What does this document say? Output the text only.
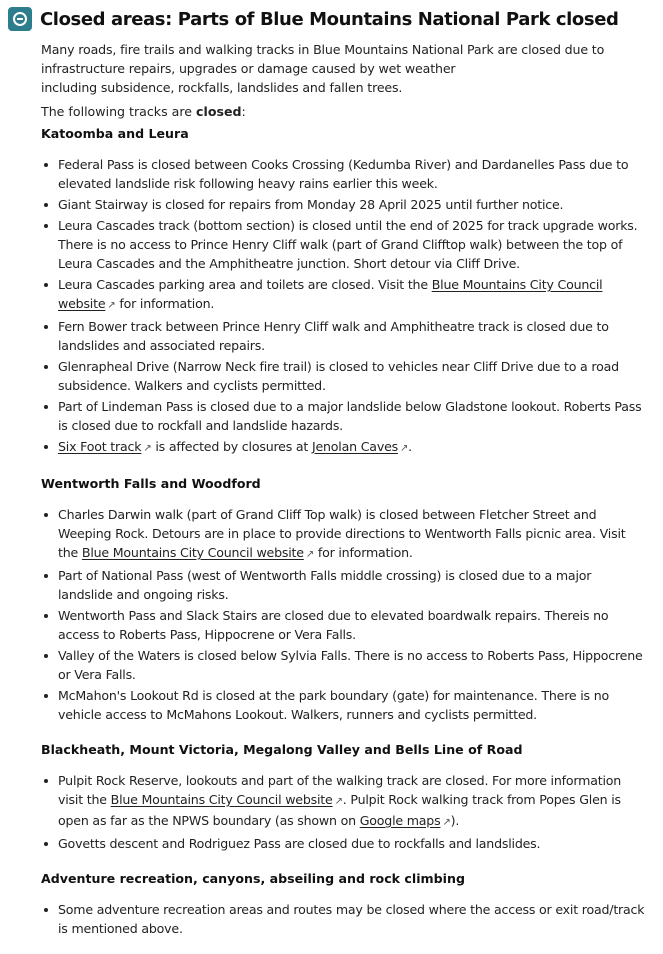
Closed areas: Parts of Blue Mountains National Park closed

Many roads, fire trails and walking tracks in Blue Mountains National Park are closed due to
infrastructure repairs, upgrades or damage caused by wet weather
including subsidence, rockfalls, landslides and fallen trees.

The following tracks are closed:

Katoomba and Leura
Federal Pass is closed between Cooks Crossing (Kedumba River) and Dardanelles Pass due to elevated landslide risk following heavy rains earlier this week.
Giant Stairway is closed for repairs from Monday 28 April 2025 until further notice.
Leura Cascades track (bottom section) is closed until the end of 2025 for track upgrade works. There is no access to Prince Henry Cliff walk (part of Grand Clifftop walk) between the top of Leura Cascades and the Amphitheatre junction. Short detour via Cliff Drive.
Leura Cascades parking area and toilets are closed. Visit the Blue Mountains City Council website ↗ for information.
Fern Bower track between Prince Henry Cliff walk and Amphitheatre track is closed due to landslides and associated repairs.
Glenrapheal Drive (Narrow Neck fire trail) is closed to vehicles near Cliff Drive due to a road subsidence. Walkers and cyclists permitted.
Part of Lindeman Pass is closed due to a major landslide below Gladstone lookout. Roberts Pass is closed due to rockfall and landslide hazards.
Six Foot track ↗ is affected by closures at Jenolan Caves ↗.
Wentworth Falls and Woodford
Charles Darwin walk (part of Grand Cliff Top walk) is closed between Fletcher Street and Weeping Rock. Detours are in place to provide directions to Wentworth Falls picnic area. Visit the Blue Mountains City Council website ↗ for information.
Part of National Pass (west of Wentworth Falls middle crossing) is closed due to a major landslide and ongoing risks.
Wentworth Pass and Slack Stairs are closed due to elevated boardwalk repairs. Thereis no access to Roberts Pass, Hippocrene or Vera Falls.
Valley of the Waters is closed below Sylvia Falls. There is no access to Roberts Pass, Hippocrene or Vera Falls.
McMahon's Lookout Rd is closed at the park boundary (gate) for maintenance. There is no vehicle access to McMahons Lookout. Walkers, runners and cyclists permitted.
Blackheath, Mount Victoria, Megalong Valley and Bells Line of Road
Pulpit Rock Reserve, lookouts and part of the walking track are closed. For more information visit the Blue Mountains City Council website ↗. Pulpit Rock walking track from Popes Glen is open as far as the NPWS boundary (as shown on Google maps ↗).
Govetts descent and Rodriguez Pass are closed due to rockfalls and landslides.
Adventure recreation, canyons, abseiling and rock climbing
Some adventure recreation areas and routes may be closed where the access or exit road/track is mentioned above.
